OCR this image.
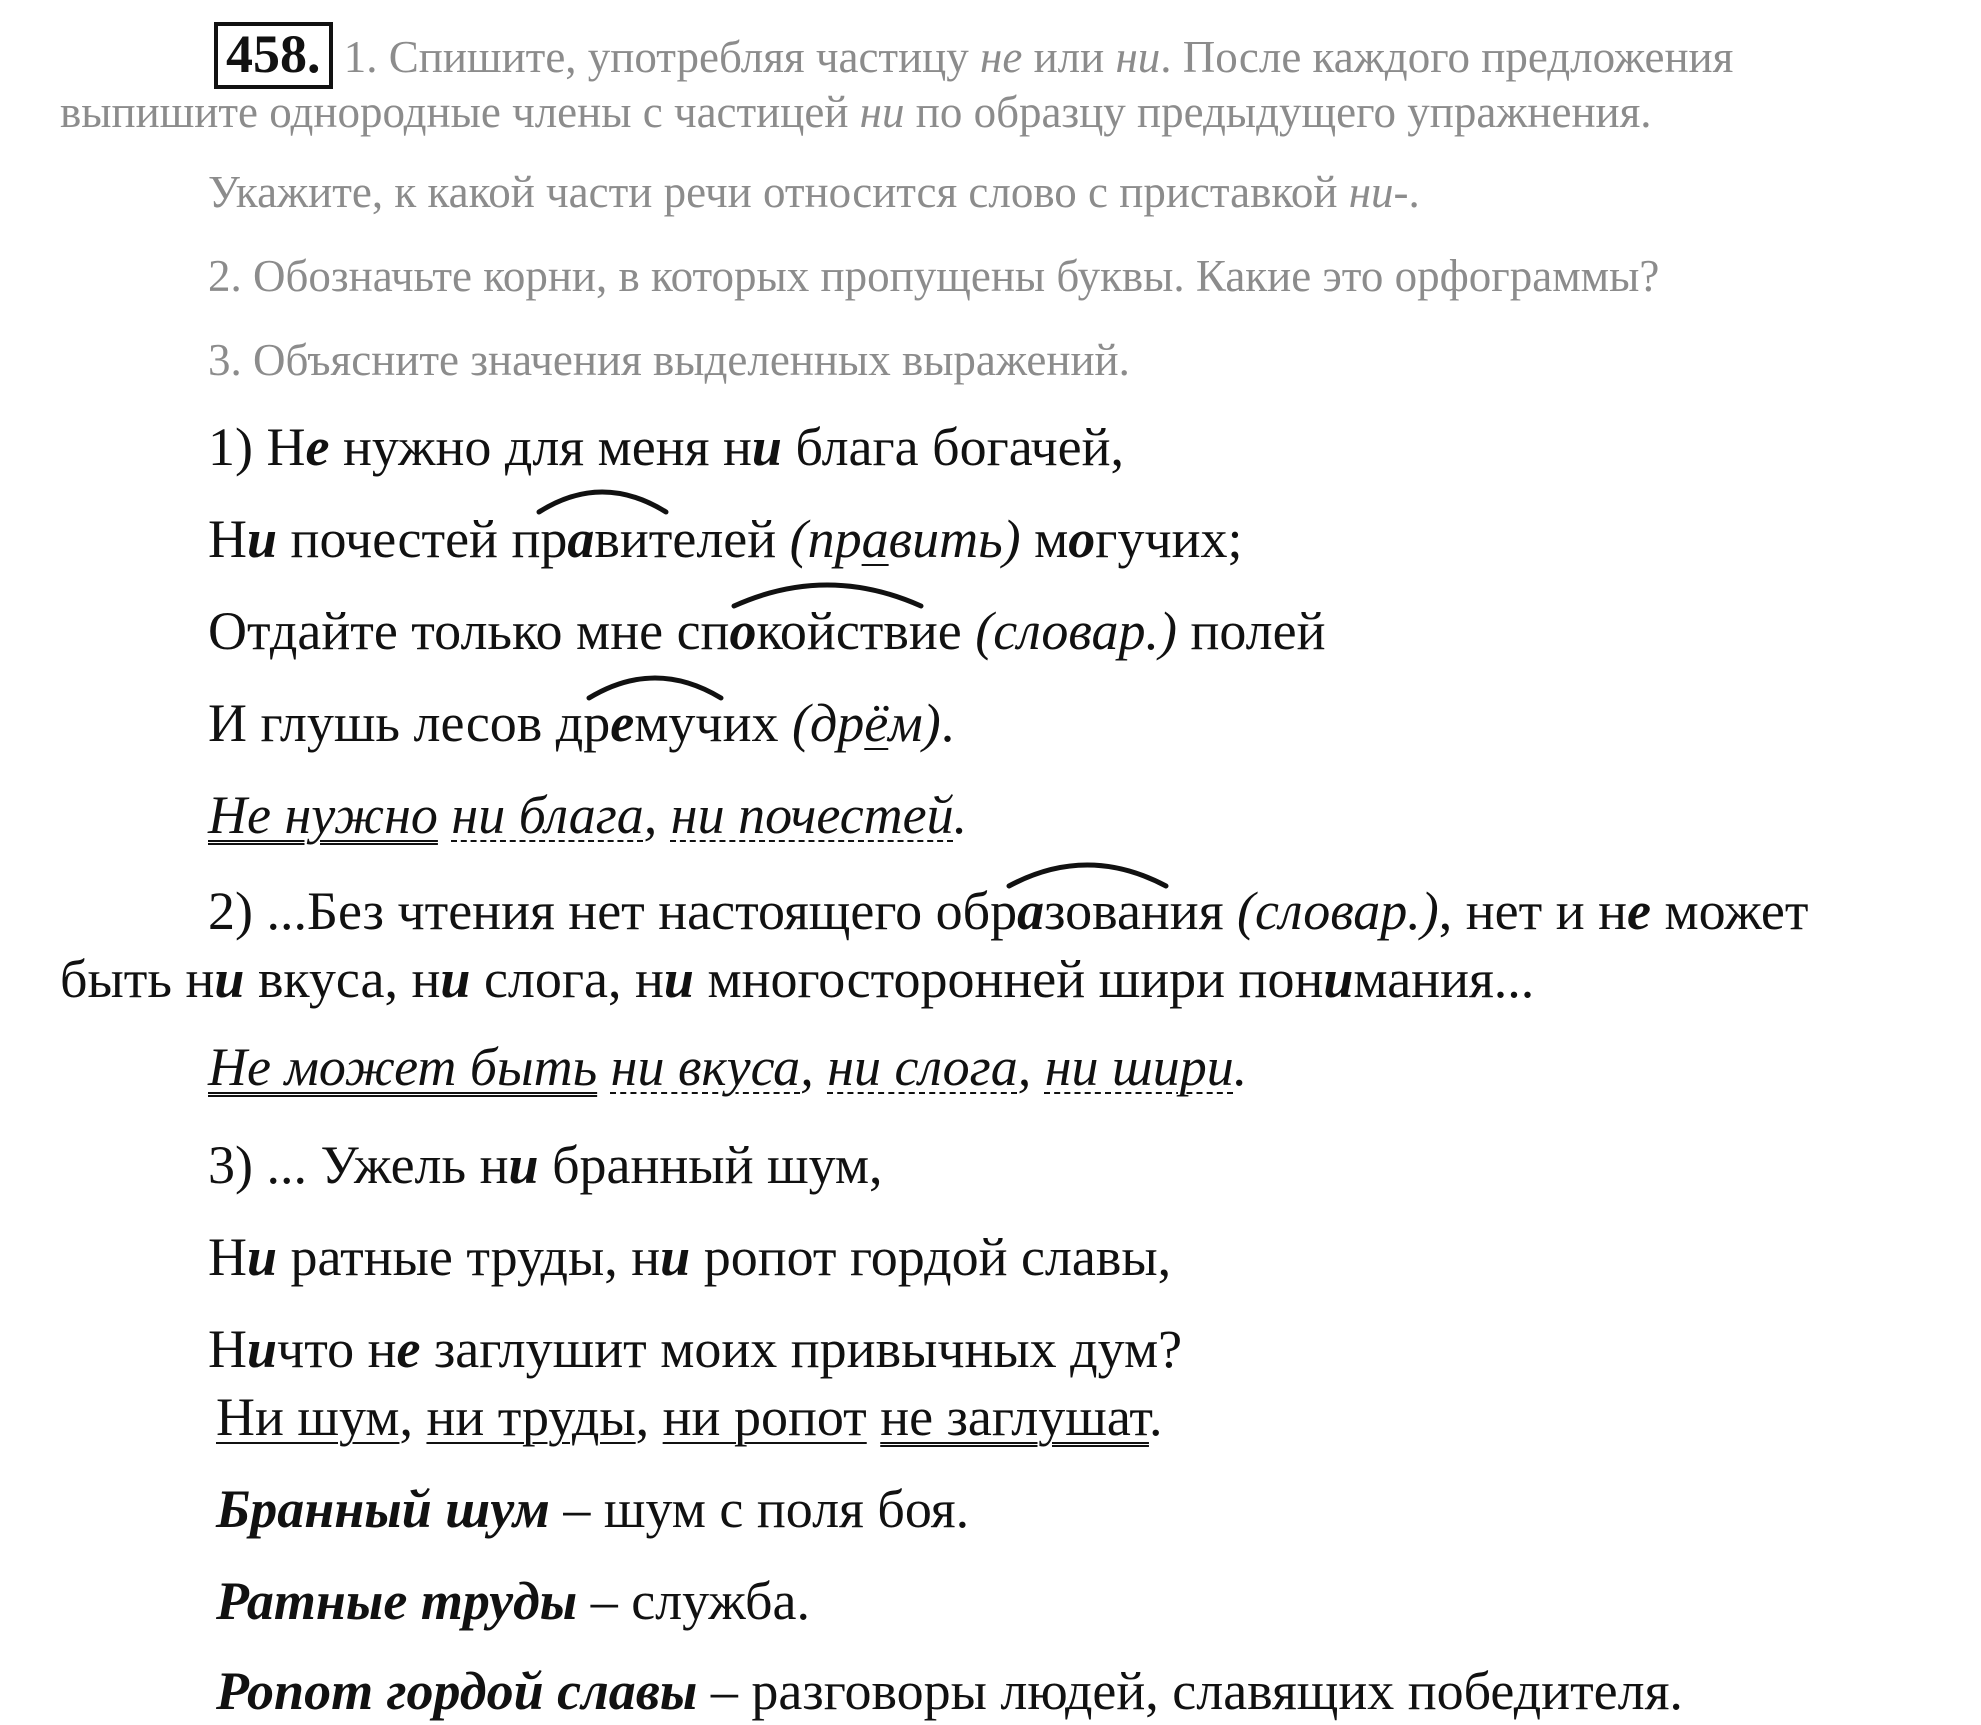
458. 1. Спишите, употребляя частицу не или ни. После каждого предложения
выпишите однородные члены с частицей ни по образцу предыдущего упражнения.
Укажите, к какой части речи относится слово с приставкой ни-.
2. Обозначьте корни, в которых пропущены буквы. Какие это орфограммы?
3. Объясните значения выделенных выражений.
1) Не нужно для меня ни блага богачей,
Ни почестей правителей (править) могучих;
Отдайте только мне спокойствие (словар.) полей
И глушь лесов дремучих (дрём).
Не нужно ни блага, ни почестей.
2) ...Без чтения нет настоящего образования (словар.), нет и не может
быть ни вкуса, ни слога, ни многосторонней шири понимания...
Не может быть ни вкуса, ни слога, ни шири.
3) ... Ужель ни бранный шум,
Ни ратные труды, ни ропот гордой славы,
Ничто не заглушит моих привычных дум?
Ни шум, ни труды, ни ропот не заглушат.
Бранный шум – шум с поля боя.
Ратные труды – служба.
Ропот гордой славы – разговоры людей, славящих победителя.
